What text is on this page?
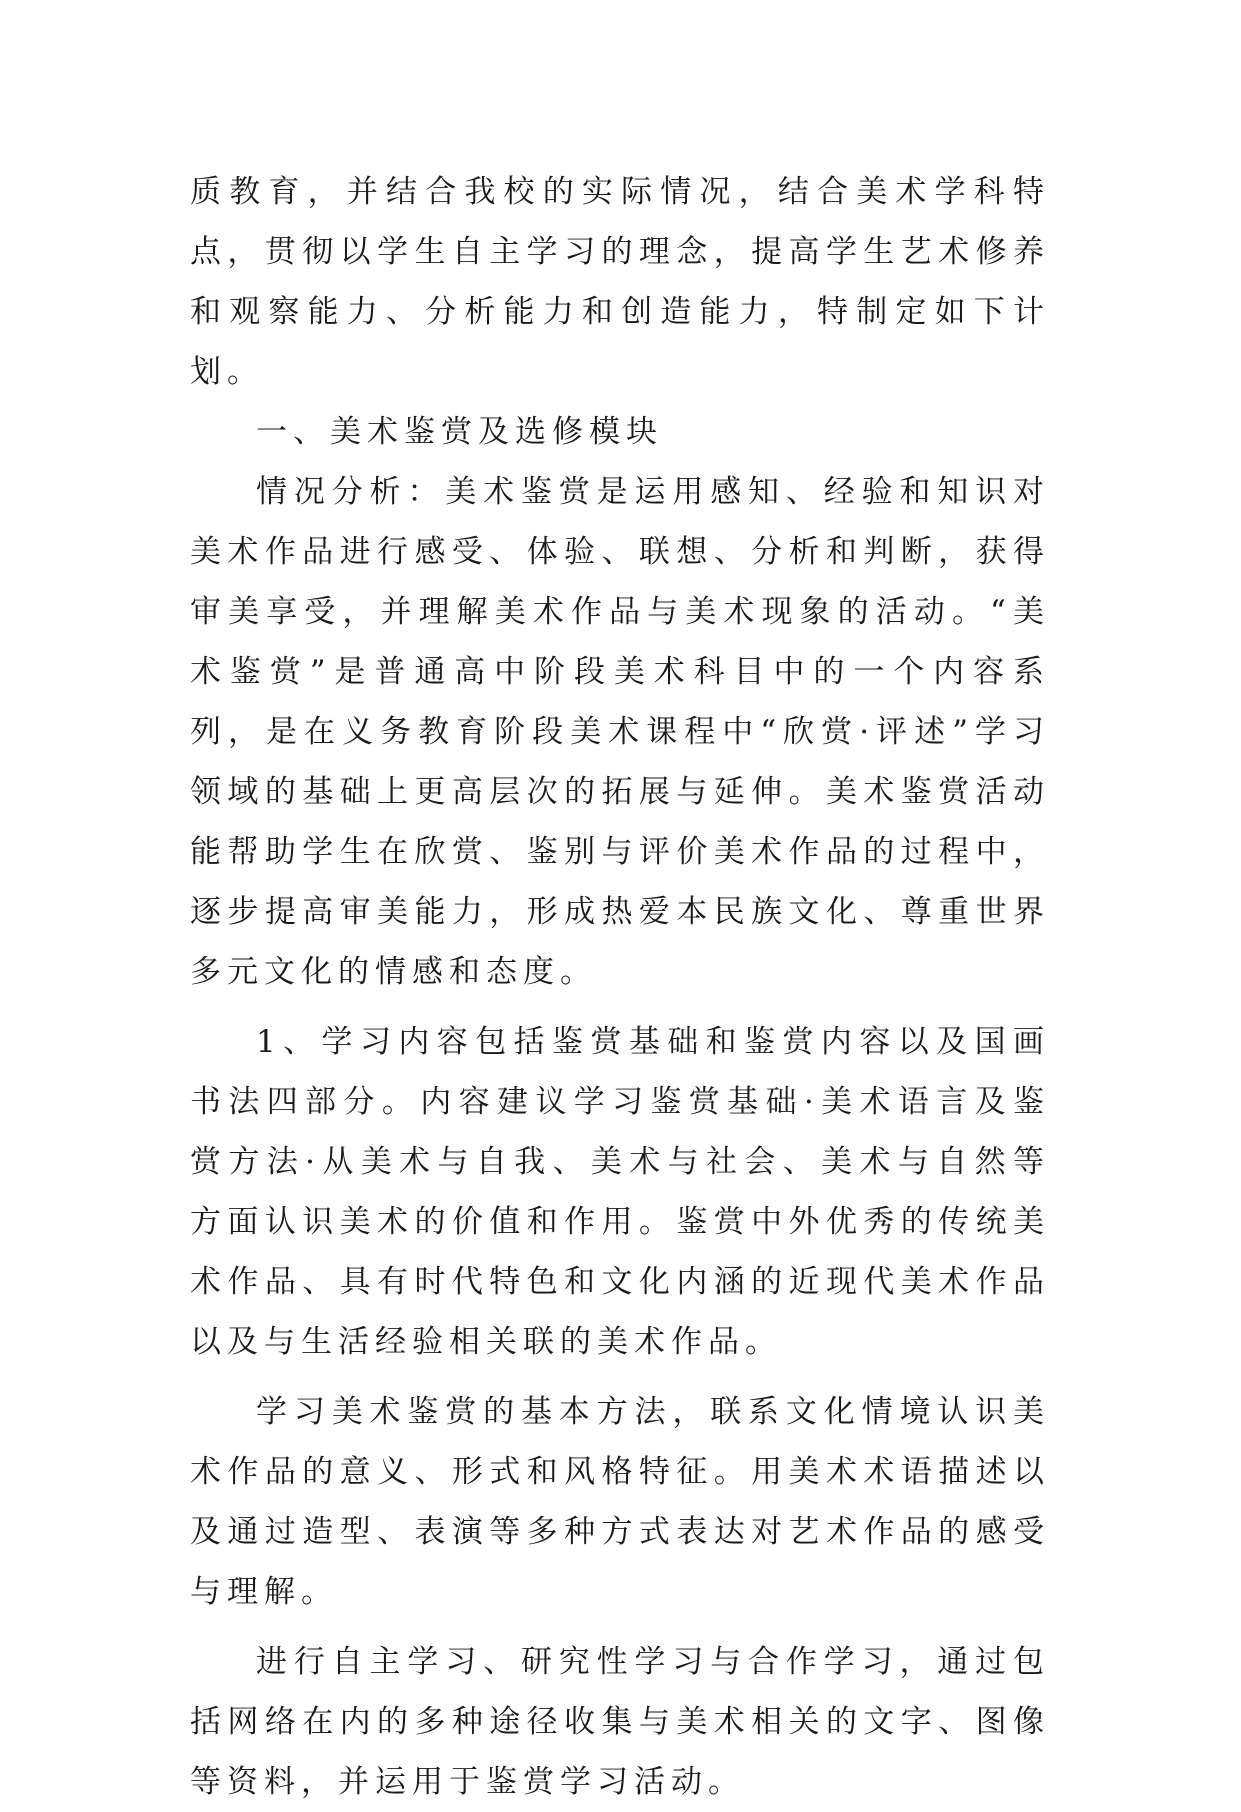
质教育，并结合我校的实际情况，结合美术学科特点，贯彻以学生自主学习的理念，提高学生艺术修养和观察能力、分析能力和创造能力，特制定如下计划。

一、美术鉴赏及选修模块

情况分析：美术鉴赏是运用感知、经验和知识对美术作品进行感受、体验、联想、分析和判断，获得审美享受，并理解美术作品与美术现象的活动。“美术鉴赏”是普通高中阶段美术科目中的一个内容系列，是在义务教育阶段美术课程中“欣赏·评述”学习领域的基础上更高层次的拓展与延伸。美术鉴赏活动能帮助学生在欣赏、鉴别与评价美术作品的过程中，逐步提高审美能力，形成热爱本民族文化、尊重世界多元文化的情感和态度。

1、学习内容包括鉴赏基础和鉴赏内容以及国画书法四部分。内容建议学习鉴赏基础·美术语言及鉴赏方法·从美术与自我、美术与社会、美术与自然等方面认识美术的价值和作用。鉴赏中外优秀的传统美术作品、具有时代特色和文化内涵的近现代美术作品以及与生活经验相关联的美术作品。

学习美术鉴赏的基本方法，联系文化情境认识美术作品的意义、形式和风格特征。用美术术语描述以及通过造型、表演等多种方式表达对艺术作品的感受与理解。

进行自主学习、研究性学习与合作学习，通过包括网络在内的多种途径收集与美术相关的文字、图像等资料，并运用于鉴赏学习活动。
